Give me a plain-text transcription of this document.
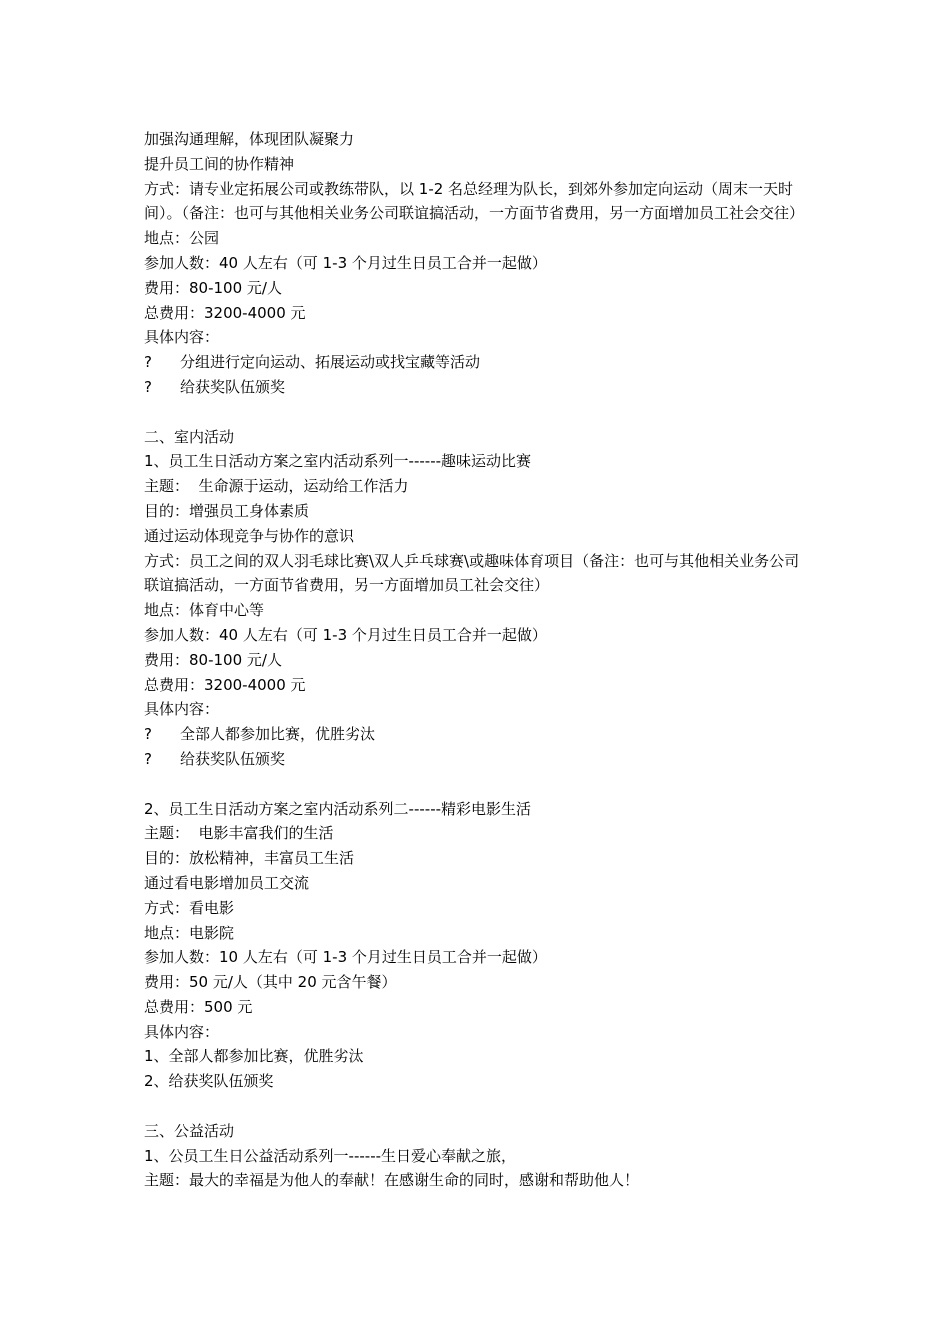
加强沟通理解，体现团队凝聚力
提升员工间的协作精神
方式：请专业定拓展公司或教练带队，以 1-2 名总经理为队长，到郊外参加定向运动（周末一天时间）。（备注：也可与其他相关业务公司联谊搞活动，一方面节省费用，另一方面增加员工社会交往）
地点：公园
参加人数：40 人左右（可 1-3 个月过生日员工合并一起做）
费用：80-100 元/人
总费用：3200-4000 元
具体内容：
? 分组进行定向运动、拓展运动或找宝藏等活动
? 给获奖队伍颁奖
二、室内活动
1、员工生日活动方案之室内活动系列一------趣味运动比赛
主题：  生命源于运动，运动给工作活力
目的：增强员工身体素质
通过运动体现竞争与协作的意识
方式：员工之间的双人羽毛球比赛\双人乒乓球赛\或趣味体育项目（备注：也可与其他相关业务公司联谊搞活动，一方面节省费用，另一方面增加员工社会交往）
地点：体育中心等
参加人数：40 人左右（可 1-3 个月过生日员工合并一起做）
费用：80-100 元/人
总费用：3200-4000 元
具体内容：
? 全部人都参加比赛，优胜劣汰
? 给获奖队伍颁奖
2、员工生日活动方案之室内活动系列二------精彩电影生活
主题：  电影丰富我们的生活
目的：放松精神，丰富员工生活
通过看电影增加员工交流
方式：看电影
地点：电影院
参加人数：10 人左右（可 1-3 个月过生日员工合并一起做）
费用：50 元/人（其中 20 元含午餐）
总费用：500 元
具体内容：
1、全部人都参加比赛，优胜劣汰
2、给获奖队伍颁奖
三、公益活动
1、公员工生日公益活动系列一------生日爱心奉献之旅，
主题：最大的幸福是为他人的奉献！在感谢生命的同时，感谢和帮助他人！
